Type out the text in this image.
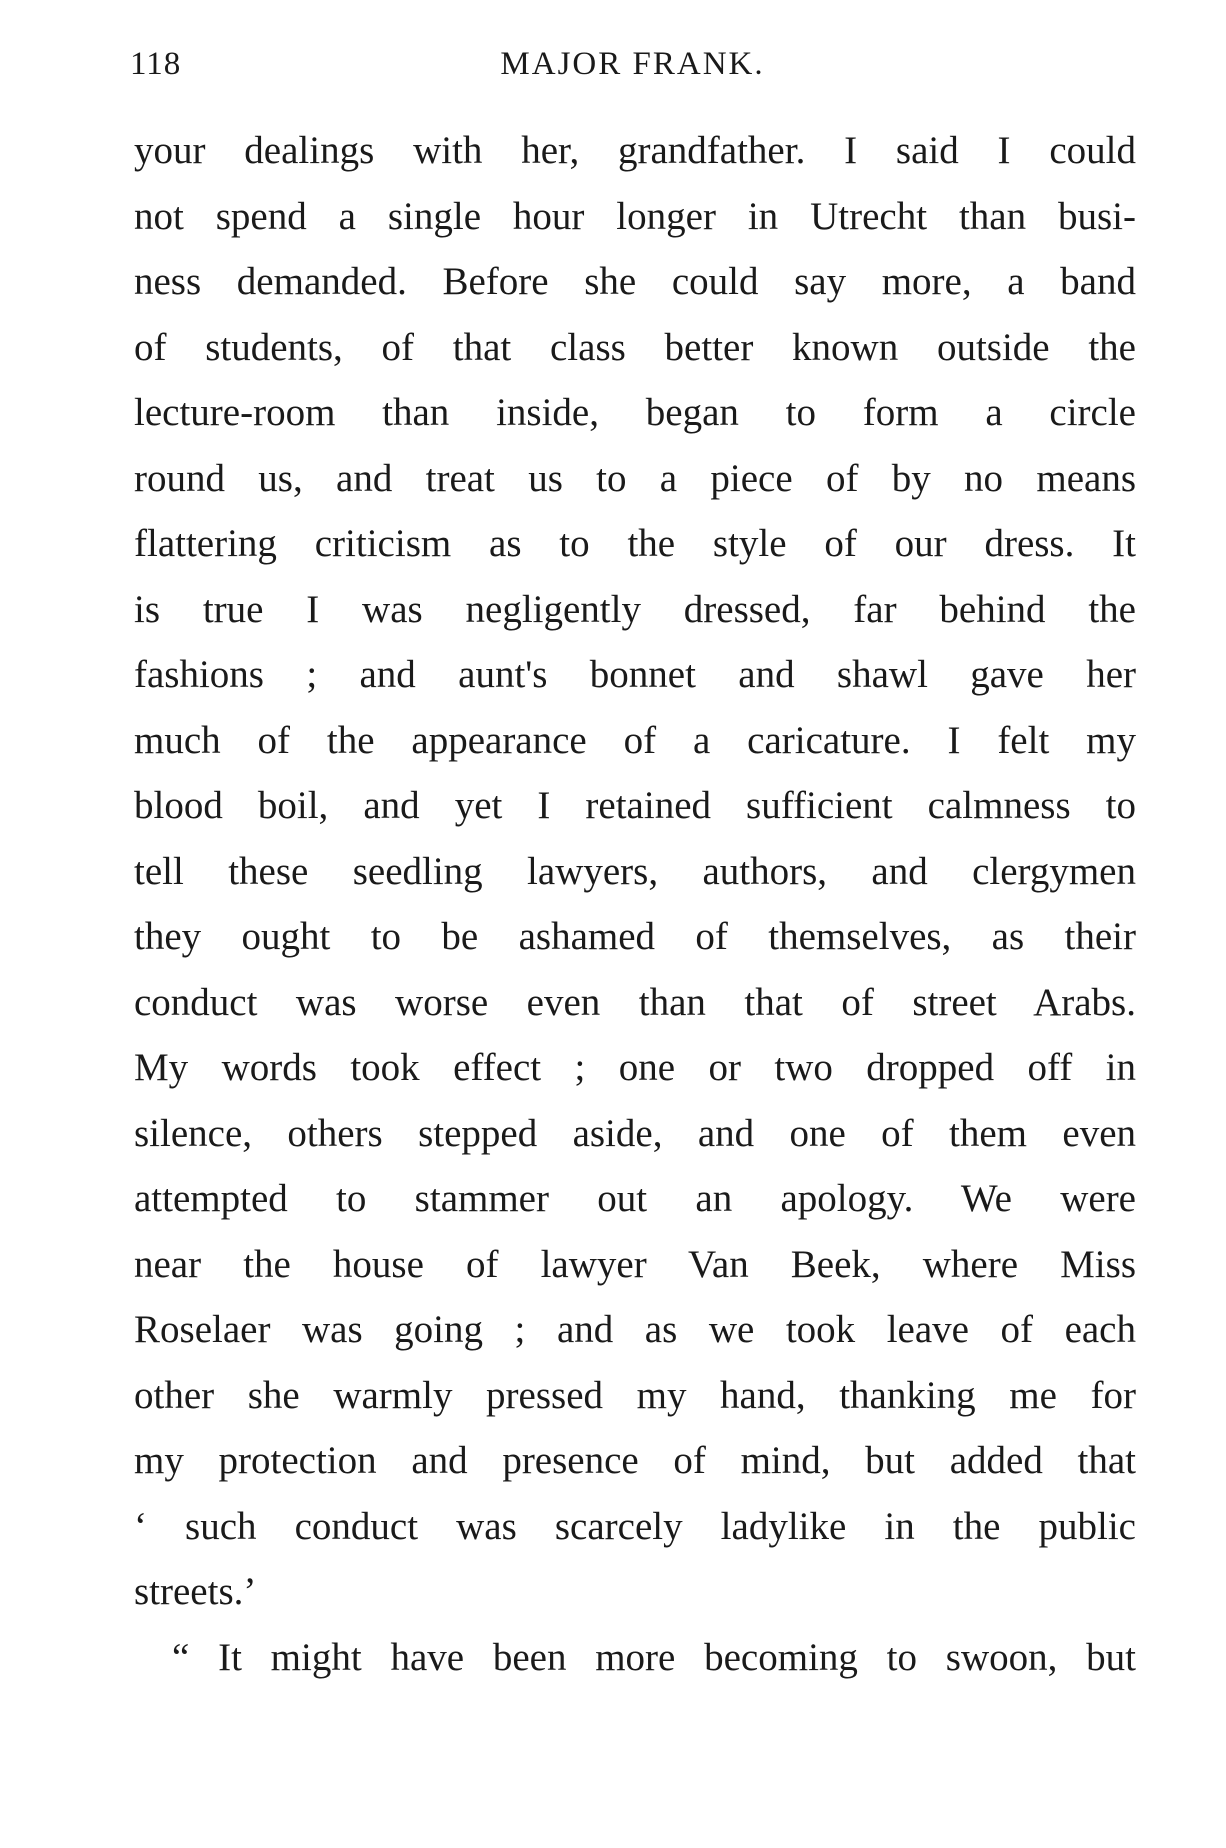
118	MAJOR FRANK.
your dealings with her, grandfather. I said I could
not spend a single hour longer in Utrecht than busi-
ness demanded. Before she could say more, a band
of students, of that class better known outside the
lecture-room than inside, began to form a circle
round us, and treat us to a piece of by no means
flattering criticism as to the style of our dress. It
is true I was negligently dressed, far behind the
fashions ; and aunt's bonnet and shawl gave her
much of the appearance of a caricature. I felt my
blood boil, and yet I retained sufficient calmness to
tell these seedling lawyers, authors, and clergymen
they ought to be ashamed of themselves, as their
conduct was worse even than that of street Arabs.
My words took effect ; one or two dropped off in
silence, others stepped aside, and one of them even
attempted to stammer out an apology. We were
near the house of lawyer Van Beek, where Miss
Roselaer was going ; and as we took leave of each
other she warmly pressed my hand, thanking me for
my protection and presence of mind, but added that
‘ such conduct was scarcely ladylike in the public
streets.’
“ It might have been more becoming to swoon, but
